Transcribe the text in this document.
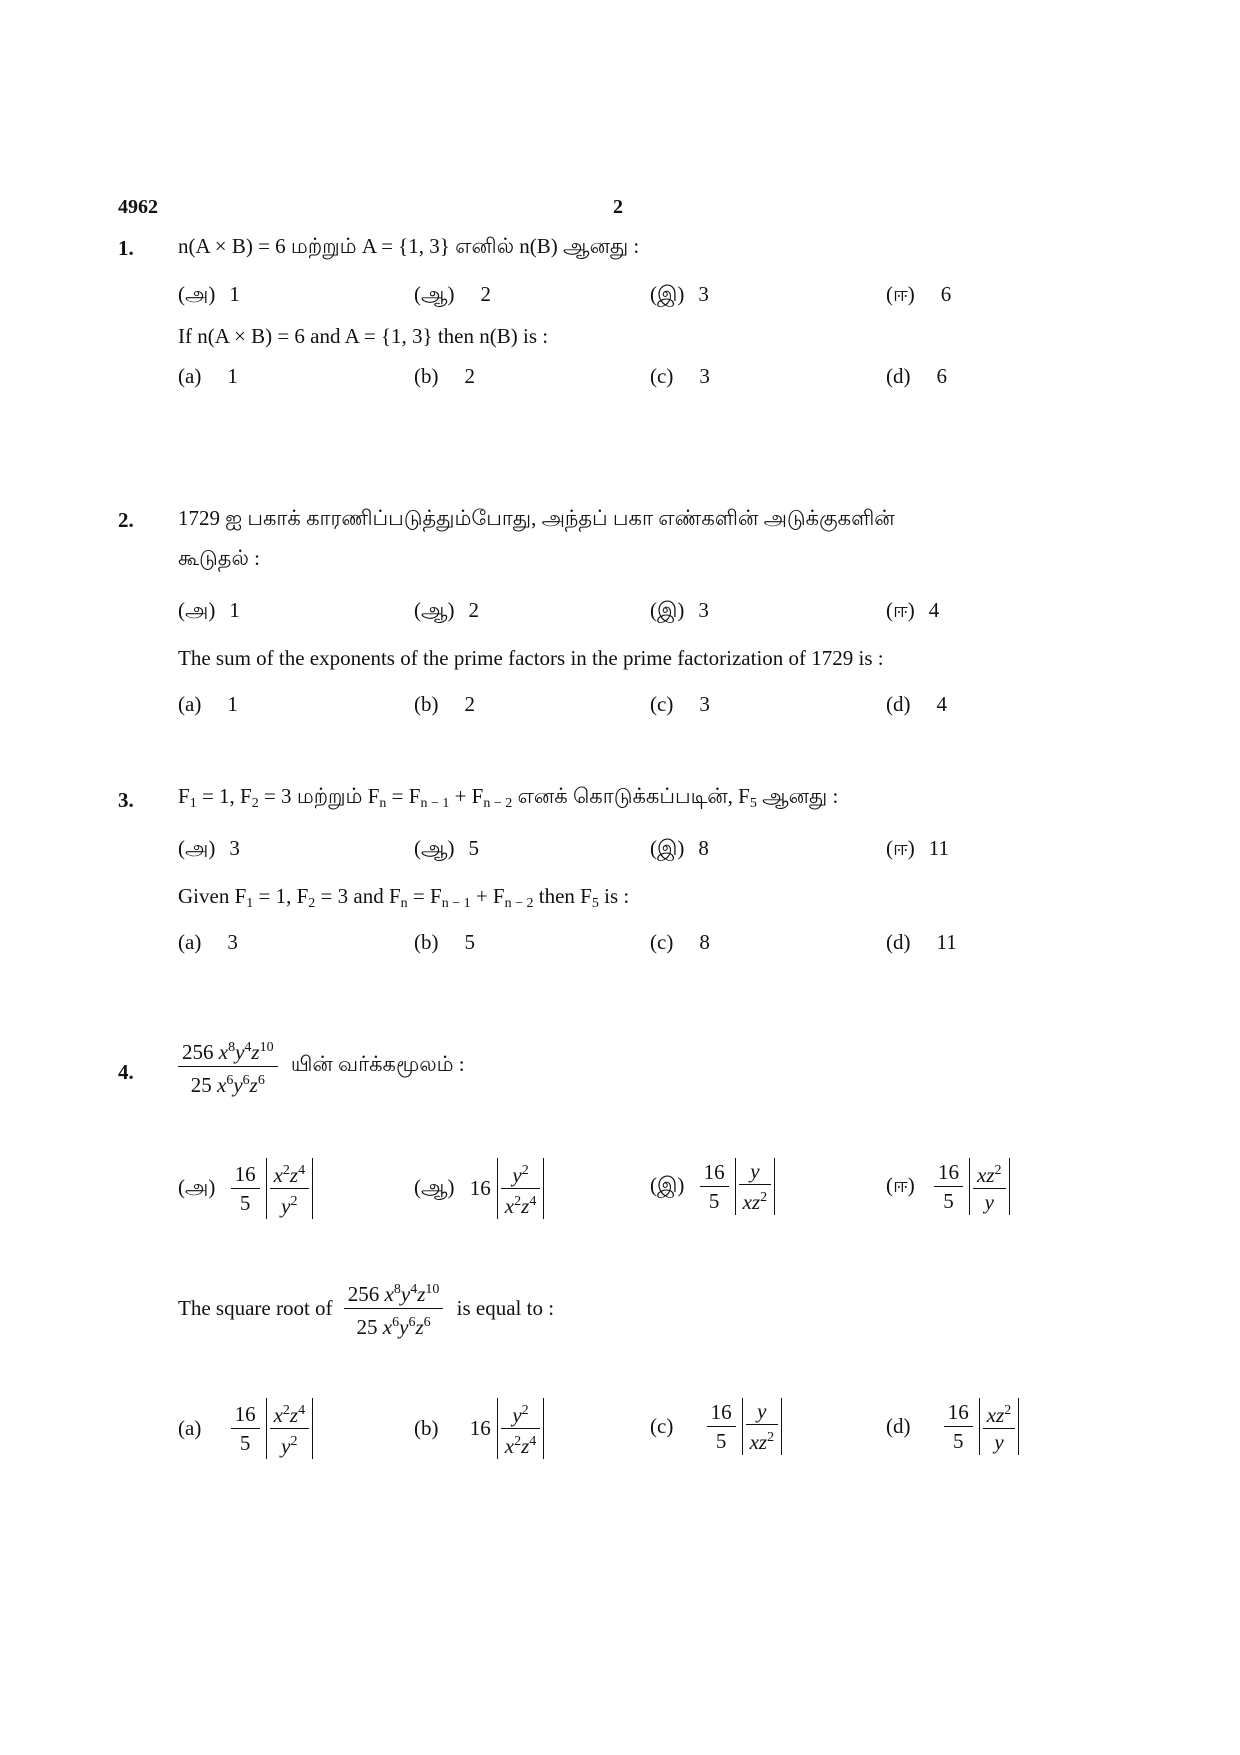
4962	2
1. n(A × B) = 6 மற்றும் A = {1, 3} எனில் n(B) ஆனது :
(அ) 1	(ஆ) 2	(இ) 3	(ஈ) 6
If n(A × B) = 6 and A = {1, 3} then n(B) is :
(a) 1	(b) 2	(c) 3	(d) 6
2. 1729 ஐ பகாக் காரணிப்படுத்தும்போது, அந்தப் பகா எண்களின் அடுக்குகளின்
கூடுதல் :
(அ) 1	(ஆ) 2	(இ) 3	(ஈ) 4
The sum of the exponents of the prime factors in the prime factorization of 1729 is :
(a) 1	(b) 2	(c) 3	(d) 4
3. $F_1 = 1$, $F_2 = 3$ மற்றும் $F_n = F_{n - 1} + F_{n - 2}$ எனக் கொடுக்கப்படின், $F_5$ ஆனது :
(அ) 3	(ஆ) 5	(இ) 8	(ஈ) 11
Given $F_1 = 1$, $F_2 = 3$ and $F_n = F_{n - 1} + F_{n - 2}$ then $F_5$ is :
(a) 3	(b) 5	(c) 8	(d) 11
4. $\frac{256 x^8y^4z^{10}}{25 x^6y^6z^6}$ யின் வர்க்கமூலம் :
(அ) $\frac{16}{5} \frac{x^2z^4}{y^2}$	(ஆ) $16 \frac{y^2}{x^2z^4}$	(இ) $\frac{16}{5} \frac{y}{xz^2}$	(ஈ) $\frac{16}{5} \frac{xz^2}{y}$
The square root of $\frac{256 x^8y^4z^{10}}{25 x^6y^6z^6}$ is equal to :
$(a) \frac{16}{5} \frac{x^2z^4}{y^2}$	(b) $16 \frac{y^2}{x^2z^4}$	$(c) \frac{16}{5} \frac{y}{xz^2}$	$(d) \frac{16}{5} \frac{xz^2}{y}$
